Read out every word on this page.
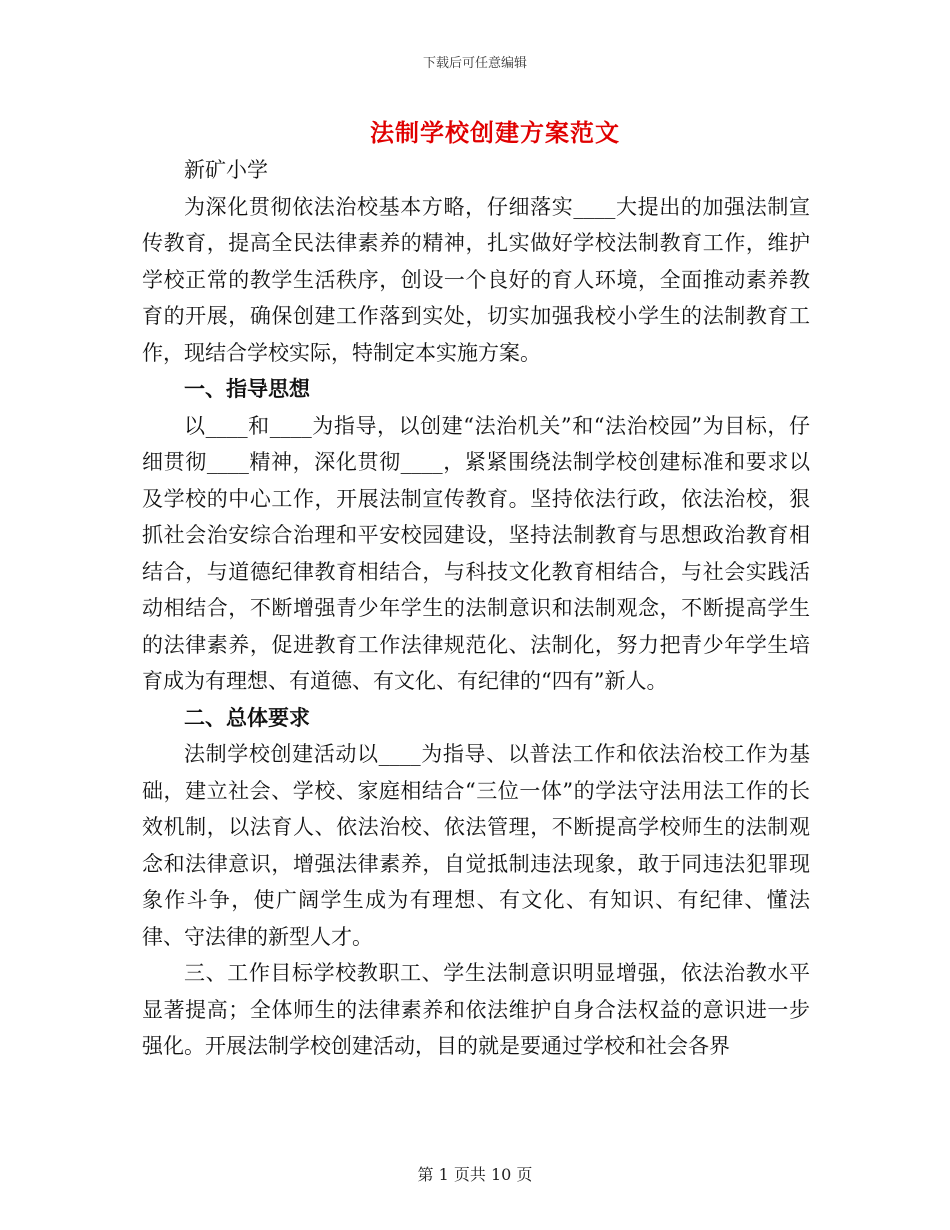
下载后可任意编辑
法制学校创建方案范文

新矿小学

为深化贯彻依法治校基本方略，仔细落实____大提出的加强法制宣传教育，提高全民法律素养的精神，扎实做好学校法制教育工作，维护学校正常的教学生活秩序，创设一个良好的育人环境，全面推动素养教育的开展，确保创建工作落到实处，切实加强我校小学生的法制教育工作，现结合学校实际，特制定本实施方案。

一、指导思想

以____和____为指导，以创建“法治机关”和“法治校园”为目标，仔细贯彻____精神，深化贯彻____，紧紧围绕法制学校创建标准和要求以及学校的中心工作，开展法制宣传教育。坚持依法行政，依法治校，狠抓社会治安综合治理和平安校园建设，坚持法制教育与思想政治教育相结合，与道德纪律教育相结合，与科技文化教育相结合，与社会实践活动相结合，不断增强青少年学生的法制意识和法制观念，不断提高学生的法律素养，促进教育工作法律规范化、法制化，努力把青少年学生培育成为有理想、有道德、有文化、有纪律的“四有”新人。

二、总体要求

法制学校创建活动以____为指导、以普法工作和依法治校工作为基础，建立社会、学校、家庭相结合“三位一体”的学法守法用法工作的长效机制，以法育人、依法治校、依法管理，不断提高学校师生的法制观念和法律意识，增强法律素养，自觉抵制违法现象，敢于同违法犯罪现象作斗争，使广阔学生成为有理想、有文化、有知识、有纪律、懂法律、守法律的新型人才。

三、工作目标学校教职工、学生法制意识明显增强，依法治教水平显著提高；全体师生的法律素养和依法维护自身合法权益的意识进一步强化。开展法制学校创建活动，目的就是要通过学校和社会各界

第 1 页共 10 页
